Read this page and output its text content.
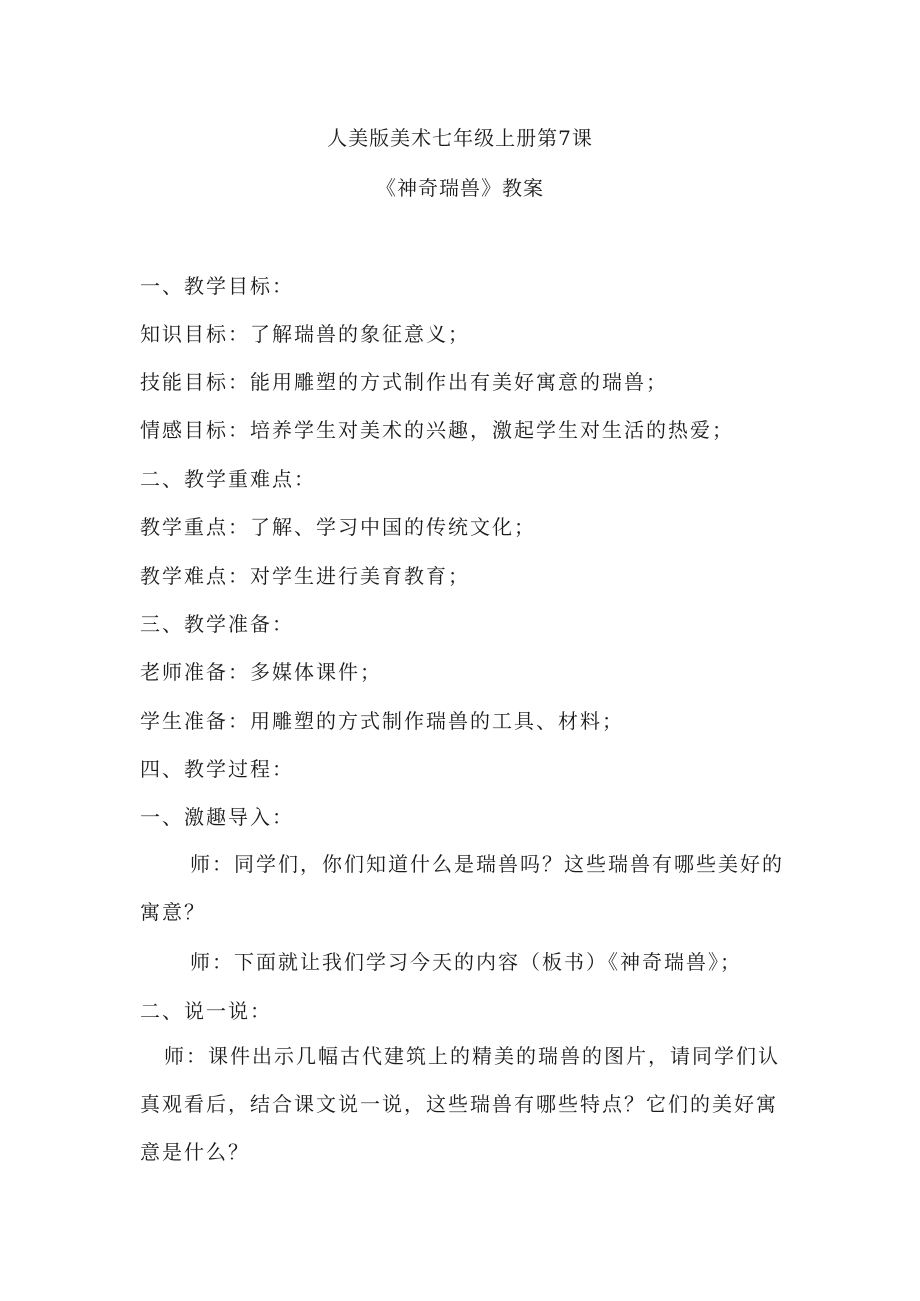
人美版美术七年级上册第7课
《神奇瑞兽》教案
一、教学目标：
知识目标：了解瑞兽的象征意义；
技能目标：能用雕塑的方式制作出有美好寓意的瑞兽；
情感目标：培养学生对美术的兴趣，激起学生对生活的热爱；
二、教学重难点：
教学重点：了解、学习中国的传统文化；
教学难点：对学生进行美育教育；
三、教学准备：
老师准备：多媒体课件；
学生准备：用雕塑的方式制作瑞兽的工具、材料；
四、教学过程：
一、激趣导入：
师：同学们，你们知道什么是瑞兽吗？这些瑞兽有哪些美好的寓意？
师：下面就让我们学习今天的内容（板书）《神奇瑞兽》；
二、说一说：
师：课件出示几幅古代建筑上的精美的瑞兽的图片，请同学们认真观看后，结合课文说一说，这些瑞兽有哪些特点？它们的美好寓意是什么？
